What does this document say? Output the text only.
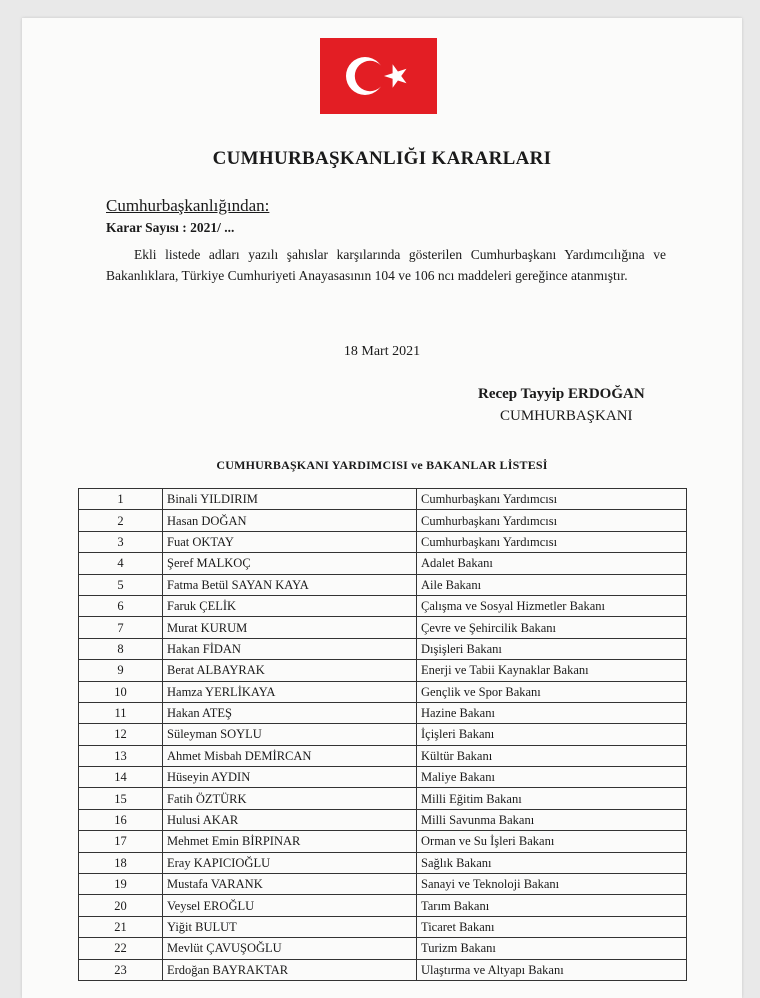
CUMHURBAŞKANLIĞI KARARLARI
Cumhurbaşkanlığından:
Karar Sayısı : 2021/ ...
Ekli listede adları yazılı şahıslar karşılarında gösterilen Cumhurbaşkanı Yardımcılığına ve Bakanlıklara, Türkiye Cumhuriyeti Anayasasının 104 ve 106 ncı maddeleri gereğince atanmıştır.
18 Mart 2021
Recep Tayyip ERDOĞAN
CUMHURBAŞKANI
CUMHURBAŞKANI YARDIMCISI ve BAKANLAR LİSTESİ
1	Binali YILDIRIM	Cumhurbaşkanı Yardımcısı
2	Hasan DOĞAN	Cumhurbaşkanı Yardımcısı
3	Fuat OKTAY	Cumhurbaşkanı Yardımcısı
4	Şeref MALKOÇ	Adalet Bakanı
5	Fatma Betül SAYAN KAYA	Aile Bakanı
6	Faruk ÇELİK	Çalışma ve Sosyal Hizmetler Bakanı
7	Murat KURUM	Çevre ve Şehircilik Bakanı
8	Hakan FİDAN	Dışişleri Bakanı
9	Berat ALBAYRAK	Enerji ve Tabii Kaynaklar Bakanı
10	Hamza YERLİKAYA	Gençlik ve Spor Bakanı
11	Hakan ATEŞ	Hazine Bakanı
12	Süleyman SOYLU	İçişleri Bakanı
13	Ahmet Misbah DEMİRCAN	Kültür Bakanı
14	Hüseyin AYDIN	Maliye Bakanı
15	Fatih ÖZTÜRK	Milli Eğitim Bakanı
16	Hulusi AKAR	Milli Savunma Bakanı
17	Mehmet Emin BİRPINAR	Orman ve Su İşleri Bakanı
18	Eray KAPICIOĞLU	Sağlık Bakanı
19	Mustafa VARANK	Sanayi ve Teknoloji Bakanı
20	Veysel EROĞLU	Tarım Bakanı
21	Yiğit BULUT	Ticaret Bakanı
22	Mevlüt ÇAVUŞOĞLU	Turizm Bakanı
23	Erdoğan BAYRAKTAR	Ulaştırma ve Altyapı Bakanı
